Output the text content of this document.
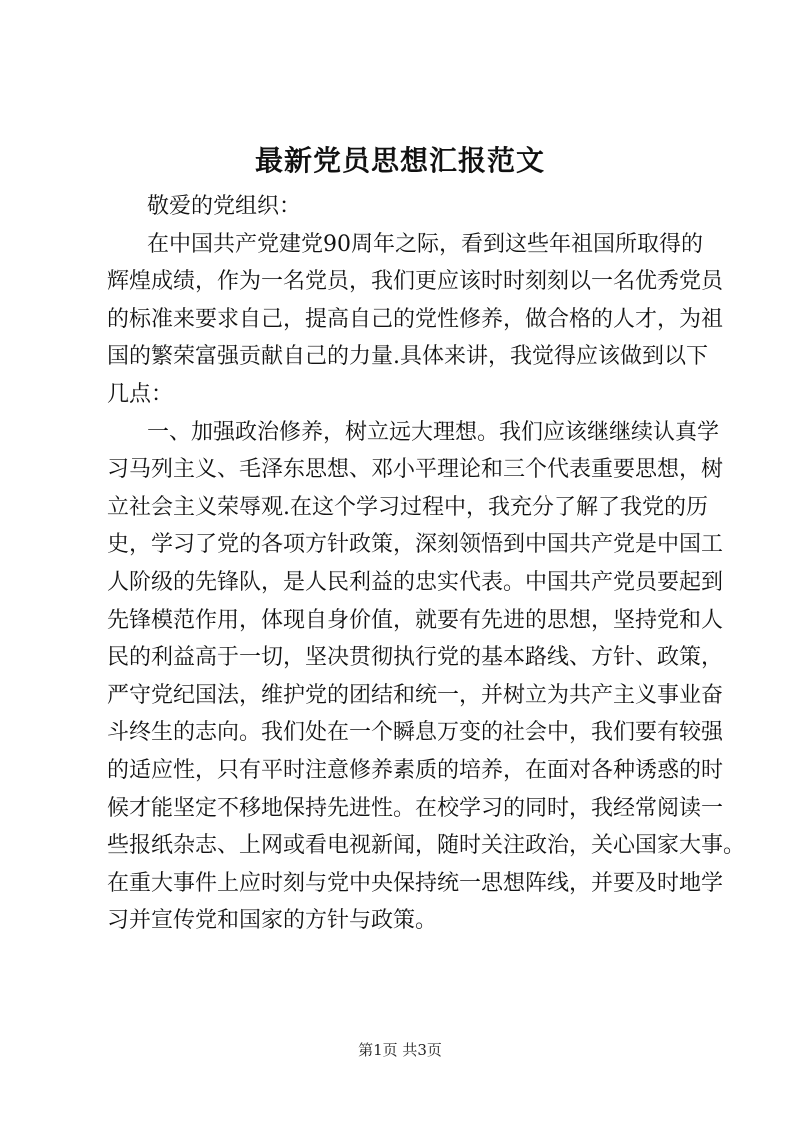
最新党员思想汇报范文
敬爱的党组织：
在中国共产党建党90周年之际，看到这些年祖国所取得的
辉煌成绩，作为一名党员，我们更应该时时刻刻以一名优秀党员
的标准来要求自己，提高自己的党性修养，做合格的人才，为祖
国的繁荣富强贡献自己的力量.具体来讲，我觉得应该做到以下
几点：
一、加强政治修养，树立远大理想。我们应该继继续认真学
习马列主义、毛泽东思想、邓小平理论和三个代表重要思想，树
立社会主义荣辱观.在这个学习过程中，我充分了解了我党的历
史，学习了党的各项方针政策，深刻领悟到中国共产党是中国工
人阶级的先锋队，是人民利益的忠实代表。中国共产党员要起到
先锋模范作用，体现自身价值，就要有先进的思想，坚持党和人
民的利益高于一切，坚决贯彻执行党的基本路线、方针、政策，
严守党纪国法，维护党的团结和统一，并树立为共产主义事业奋
斗终生的志向。我们处在一个瞬息万变的社会中，我们要有较强
的适应性，只有平时注意修养素质的培养，在面对各种诱惑的时
候才能坚定不移地保持先进性。在校学习的同时，我经常阅读一
些报纸杂志、上网或看电视新闻，随时关注政治，关心国家大事。
在重大事件上应时刻与党中央保持统一思想阵线，并要及时地学
习并宣传党和国家的方针与政策。
第1页 共3页
